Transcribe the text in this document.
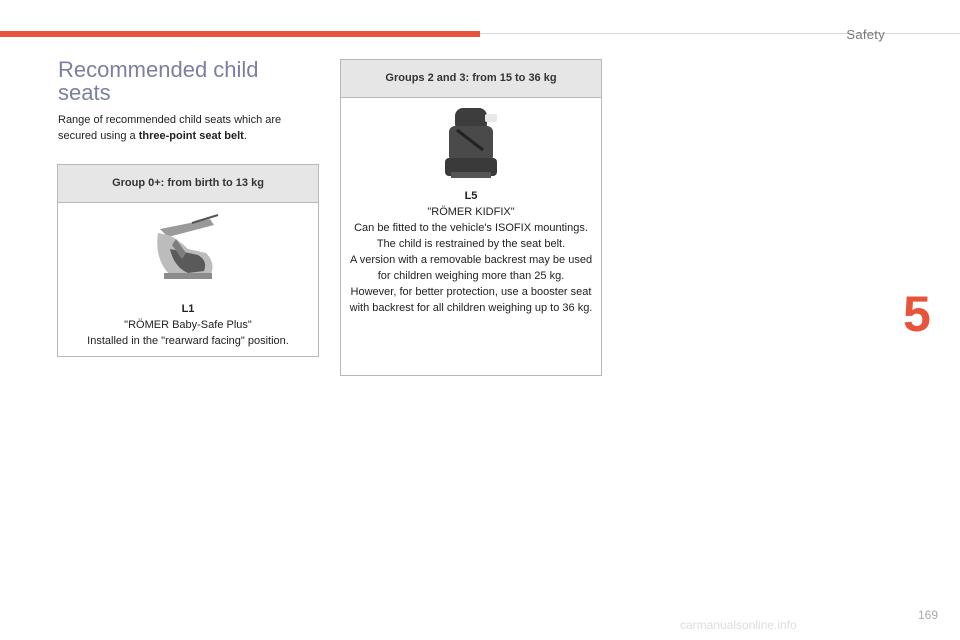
Safety
5
169
Recommended child seats
Range of recommended child seats which are secured using a three-point seat belt.
Group 0+: from birth to 13 kg
L1
"RÖMER Baby-Safe Plus"
Installed in the "rearward facing" position.
Groups 2 and 3: from 15 to 36 kg
L5
"RÖMER KIDFIX"
Can be fitted to the vehicle's ISOFIX mountings.
The child is restrained by the seat belt.
A version with a removable backrest may be used for children weighing more than 25 kg.
However, for better protection, use a booster seat with backrest for all children weighing up to 36 kg.
carmanualsonline.info
